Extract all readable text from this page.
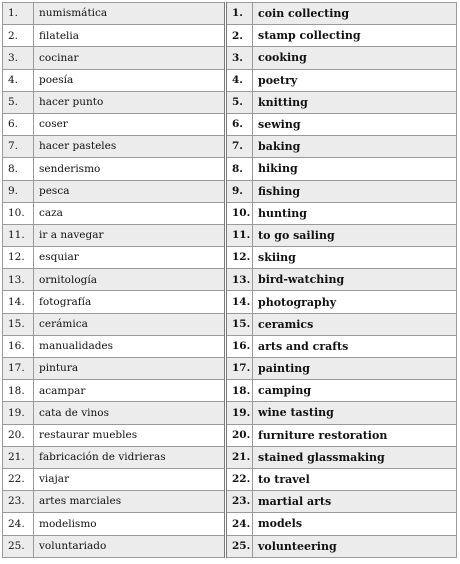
1.	numismática	1.	coin collecting
2.	filatelia	2.	stamp collecting
3.	cocinar	3.	cooking
4.	poesía	4.	poetry
5.	hacer punto	5.	knitting
6.	coser	6.	sewing
7.	hacer pasteles	7.	baking
8.	senderismo	8.	hiking
9.	pesca	9.	fishing
10.	caza	10.	hunting
11.	ir a navegar	11.	to go sailing
12.	esquiar	12.	skiing
13.	ornitología	13.	bird-watching
14.	fotografía	14.	photography
15.	cerámica	15.	ceramics
16.	manualidades	16.	arts and crafts
17.	pintura	17.	painting
18.	acampar	18.	camping
19.	cata de vinos	19.	wine tasting
20.	restaurar muebles	20.	furniture restoration
21.	fabricación de vidrieras	21.	stained glassmaking
22.	viajar	22.	to travel
23.	artes marciales	23.	martial arts
24.	modelismo	24.	models
25.	voluntariado	25.	volunteering
